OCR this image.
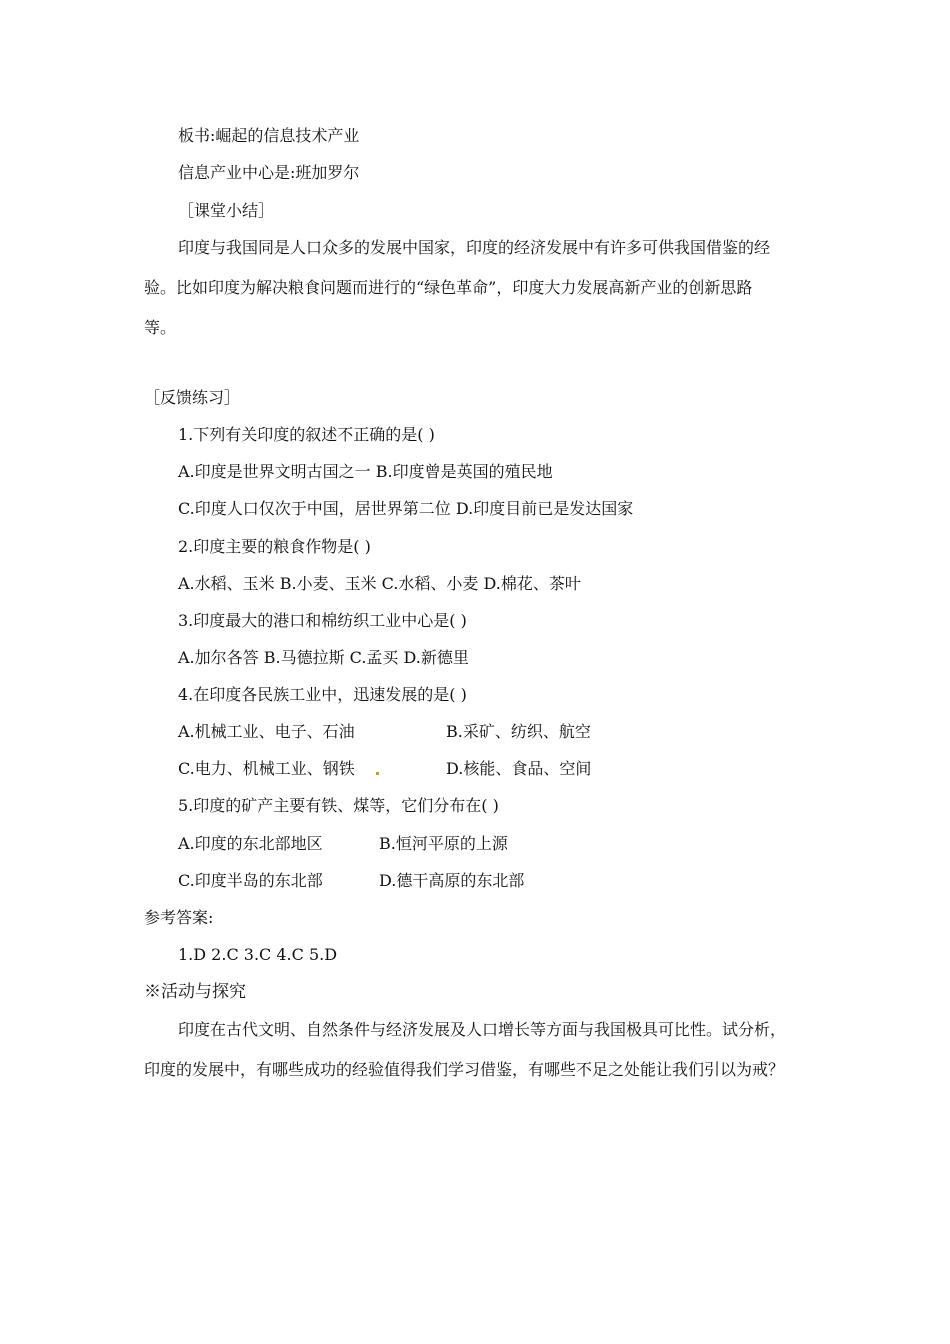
板书:崛起的信息技术产业
信息产业中心是:班加罗尔
［课堂小结］
印度与我国同是人口众多的发展中国家，印度的经济发展中有许多可供我国借鉴的经
验。比如印度为解决粮食问题而进行的“绿色革命”，印度大力发展高新产业的创新思路
等。
［反馈练习］
1.下列有关印度的叙述不正确的是( )
A.印度是世界文明古国之一 B.印度曾是英国的殖民地
C.印度人口仅次于中国，居世界第二位 D.印度目前已是发达国家
2.印度主要的粮食作物是( )
A.水稻、玉米 B.小麦、玉米 C.水稻、小麦 D.棉花、茶叶
3.印度最大的港口和棉纺织工业中心是( )
A.加尔各答 B.马德拉斯 C.孟买 D.新德里
4.在印度各民族工业中，迅速发展的是( )
A.机械工业、电子、石油	B.采矿、纺织、航空
C.电力、机械工业、钢铁	D.核能、食品、空间
5.印度的矿产主要有铁、煤等，它们分布在( )
A.印度的东北部地区	B.恒河平原的上源
C.印度半岛的东北部	D.德干高原的东北部
参考答案:
1.D 2.C 3.C 4.C 5.D
※活动与探究
印度在古代文明、自然条件与经济发展及人口增长等方面与我国极具可比性。试分析，
印度的发展中，有哪些成功的经验值得我们学习借鉴，有哪些不足之处能让我们引以为戒？
